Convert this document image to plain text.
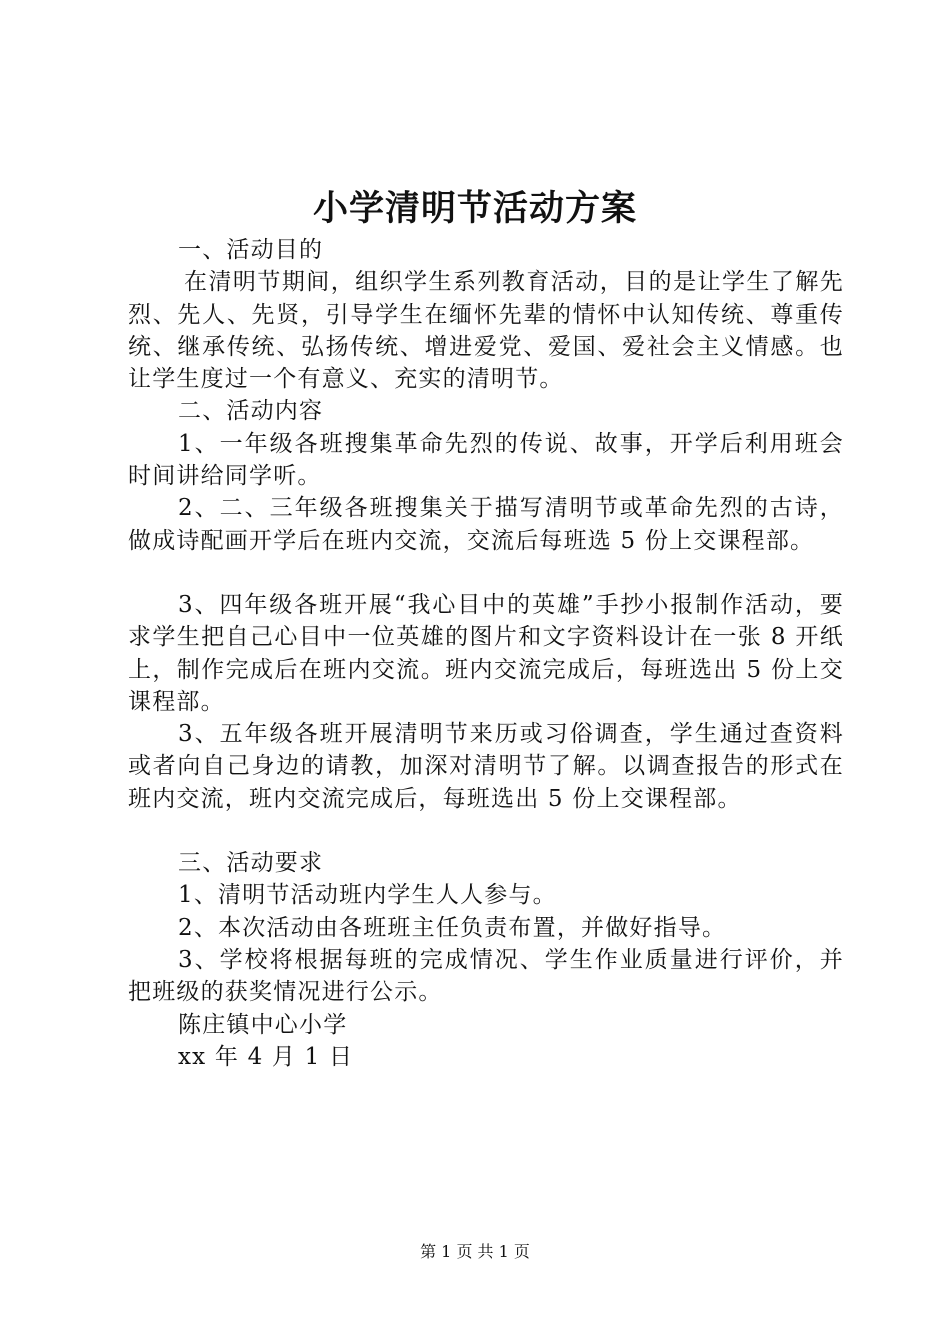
小学清明节活动方案

一、活动目的

在清明节期间，组织学生系列教育活动，目的是让学生了解先烈、先人、先贤，引导学生在缅怀先辈的情怀中认知传统、尊重传统、继承传统、弘扬传统、增进爱党、爱国、爱社会主义情感。也让学生度过一个有意义、充实的清明节。

二、活动内容

1、一年级各班搜集革命先烈的传说、故事，开学后利用班会时间讲给同学听。

2、二、三年级各班搜集关于描写清明节或革命先烈的古诗，做成诗配画开学后在班内交流，交流后每班选 5 份上交课程部。

3、四年级各班开展“我心目中的英雄”手抄小报制作活动，要求学生把自己心目中一位英雄的图片和文字资料设计在一张 8 开纸上，制作完成后在班内交流。班内交流完成后，每班选出 5 份上交课程部。

3、五年级各班开展清明节来历或习俗调查，学生通过查资料或者向自己身边的请教，加深对清明节了解。以调查报告的形式在班内交流，班内交流完成后，每班选出 5 份上交课程部。

三、活动要求

1、清明节活动班内学生人人参与。

2、本次活动由各班班主任负责布置，并做好指导。

3、学校将根据每班的完成情况、学生作业质量进行评价，并把班级的获奖情况进行公示。

陈庄镇中心小学

xx 年 4 月 1 日

第 1 页 共 1 页
